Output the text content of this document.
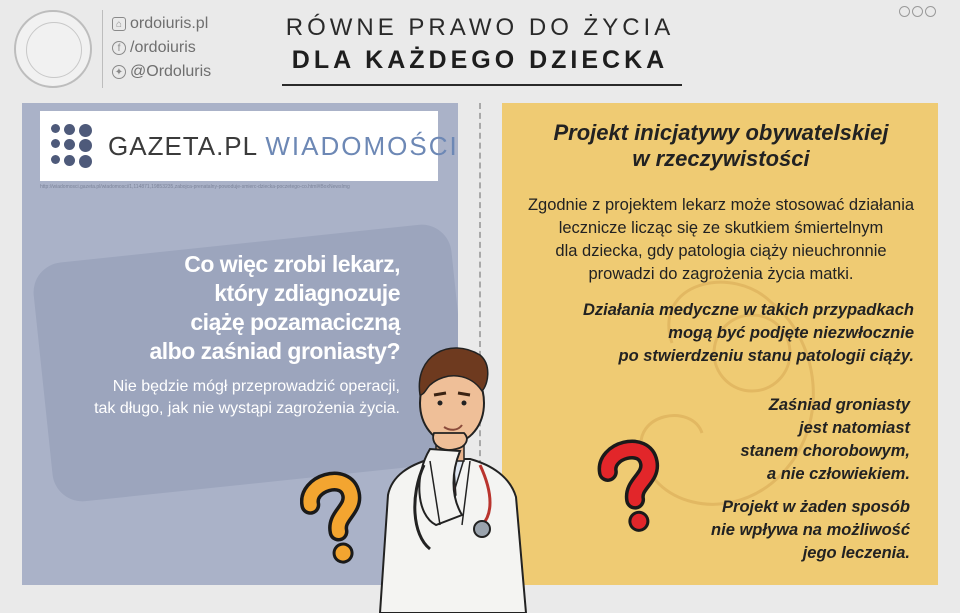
⌂ ordoiuris.pl
f /ordoiuris
✦ @Ordoluris
RÓWNE PRAWO DO ŻYCIA
DLA KAŻDEGO DZIECKA
GAZETA.PL WIADOMOŚCI
http://wiadomosci.gazeta.pl/wiadomosci/1,114871,19853235,zabojca-prenatalny-powoduje-smierc-dziecka-poczetego-co.html#BoxNewsImg
Co więc zrobi lekarz,
który zdiagnozuje
ciążę pozamaciczną
albo zaśniad groniasty?
Nie będzie mógł przeprowadzić operacji,
tak długo, jak nie wystąpi zagrożenia życia.
Projekt inicjatywy obywatelskiej
w rzeczywistości
Zgodnie z projektem lekarz może stosować działania
lecznicze licząc się ze skutkiem śmiertelnym
dla dziecka, gdy patologia ciąży nieuchronnie
prowadzi do zagrożenia życia matki.
Działania medyczne w takich przypadkach
mogą być podjęte niezwłocznie
po stwierdzeniu stanu patologii ciąży.
Zaśniad groniasty
jest natomiast
stanem chorobowym,
a nie człowiekiem.
Projekt w żaden sposób
nie wpływa na możliwość
jego leczenia.
